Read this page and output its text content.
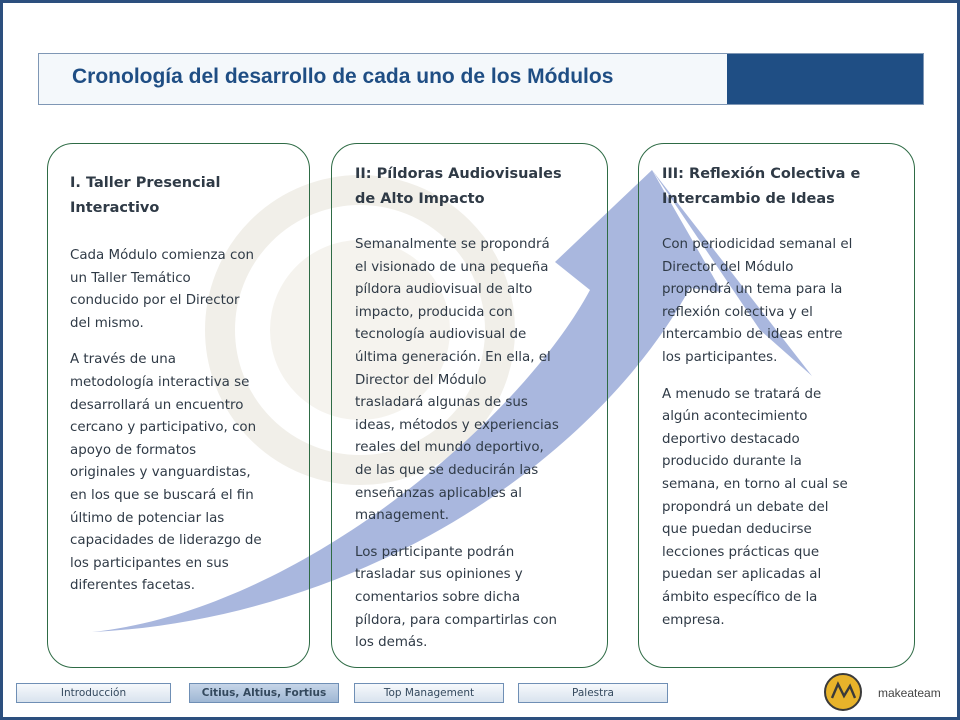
Cronología del desarrollo de cada uno de los Módulos
I. Taller Presencial
Interactivo

Cada Módulo comienza con
un Taller Temático
conducido por el Director
del mismo.

A través de una
metodología interactiva se
desarrollará un encuentro
cercano y participativo, con
apoyo de formatos
originales y vanguardistas,
en los que se buscará el fin
último de potenciar las
capacidades de liderazgo de
los participantes en sus
diferentes facetas.

II: Píldoras Audiovisuales
de Alto Impacto

Semanalmente se propondrá
el visionado de una pequeña
píldora audiovisual de alto
impacto, producida con
tecnología audiovisual de
última generación. En ella, el
Director del Módulo
trasladará algunas de sus
ideas, métodos y experiencias
reales del mundo deportivo,
de las que se deducirán las
enseñanzas aplicables al
management.

Los participante podrán
trasladar sus opiniones y
comentarios sobre dicha
píldora, para compartirlas con
los demás.

III: Reflexión Colectiva e
Intercambio de Ideas

Con periodicidad semanal el
Director del Módulo
propondrá un tema para la
reflexión colectiva y el
intercambio de ideas entre
los participantes.

A menudo se tratará de
algún acontecimiento
deportivo destacado
producido durante la
semana, en torno al cual se
propondrá un debate del
que puedan deducirse
lecciones prácticas que
puedan ser aplicadas al
ámbito específico de la
empresa.

Introducción	Citius, Altius, Fortius	Top Management	Palestra	makeateam
